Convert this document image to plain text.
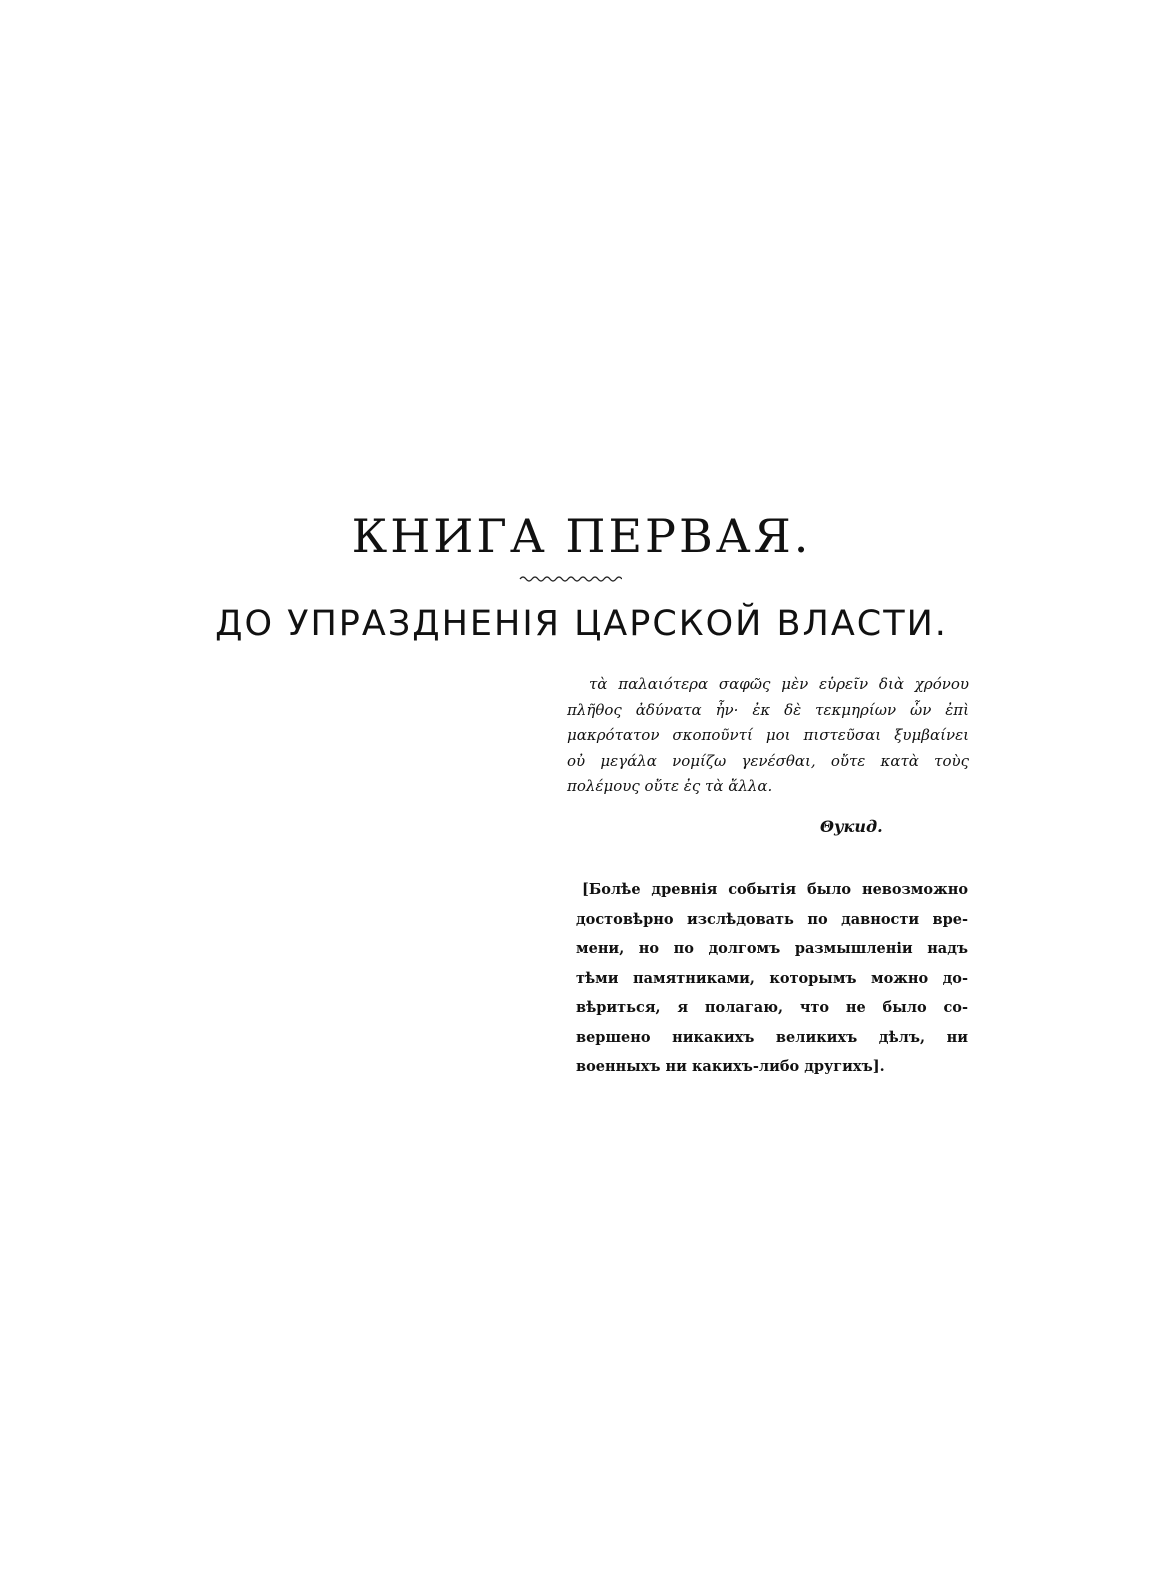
КНИГА ПЕРВАЯ.
ДО УПРАЗДНЕНІЯ ЦАРСКОЙ ВЛАСТИ.
τὰ παλαιότερα σαφῶς μὲν εὑρεῖν διὰ χρόνου
πλῆθος ἀδύνατα ἦν· ἐκ δὲ τεκμηρίων ὧν ἐπὶ
μακρότατον σκοποῦντί μοι πιστεῦσαι ξυμβαίνει
οὐ μεγάλα νομίζω γενέσθαι, οὔτε κατὰ τοὺς
πολέμους οὔτε ἐς τὰ ἄλλα.
Θукид.
[Болѣе древнія событія было невозможно
достовѣрно изслѣдовать по давности вре-
мени, но по долгомъ размышленіи надъ
тѣми памятниками, которымъ можно до-
вѣриться, я полагаю, что не было со-
вершено никакихъ великихъ дѣлъ, ни
военныхъ ни какихъ-либо другихъ].
